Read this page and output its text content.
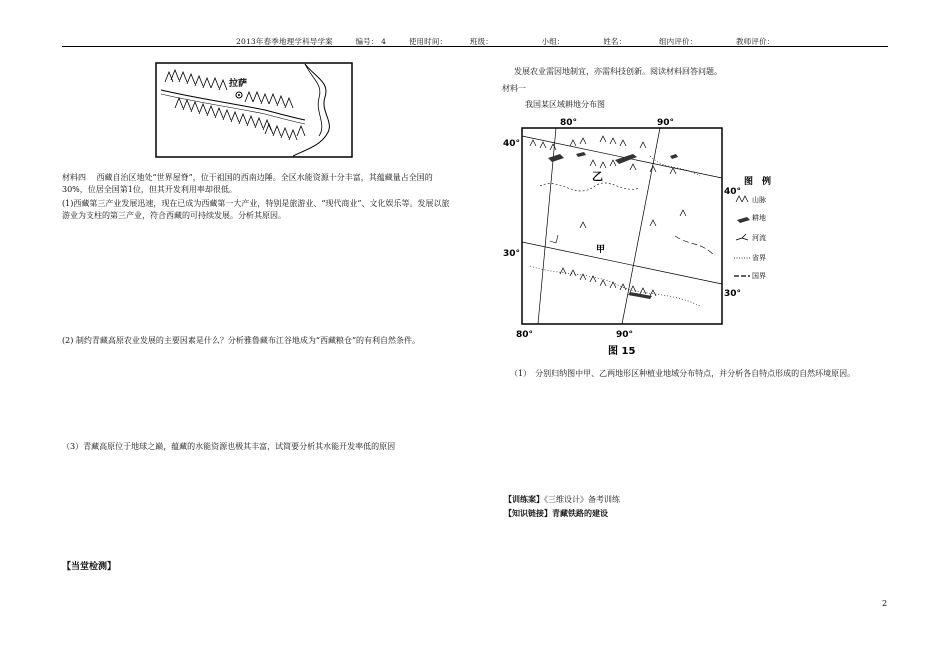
2013年春季地理学科导学案	编号： 4	使用时间：	班级：	小组：	姓名：	组内评价：	教师评价：
拉萨
材料四　 西藏自治区地处“世界屋脊”，位于祖国的西南边陲。全区水能资源十分丰富，其蕴藏量占全国的30%，位居全国第1位，但其开发利用率却很低。
(1)西藏第三产业发展迅速，现在已成为西藏第一大产业，特别是旅游业、“现代商业”、文化娱乐等。发展以旅游业为支柱的第三产业，符合西藏的可持续发展。分析其原因。
(2) 制约青藏高原农业发展的主要因素是什么？分析雅鲁藏布江谷地成为“西藏粮仓”的有利自然条件。
（3）青藏高原位于地球之巅，蕴藏的水能资源也极其丰富，试简要分析其水能开发率低的原因
【当堂检测】
发展农业需因地制宜，亦需科技创新。阅读材料回答问题。
材料一
我国某区域耕地分布图
80°	90°
40°
40°
30°
30°
80°	90°
乙
甲
图 15
图　例
山脉
耕地
河流
省界
国界
（1）　分别归纳图中甲、乙两地形区种植业地域分布特点，并分析各自特点形成的自然环境原因。
【训练案】《三维设计》备考训练
【知识链接】青藏铁路的建设
2
